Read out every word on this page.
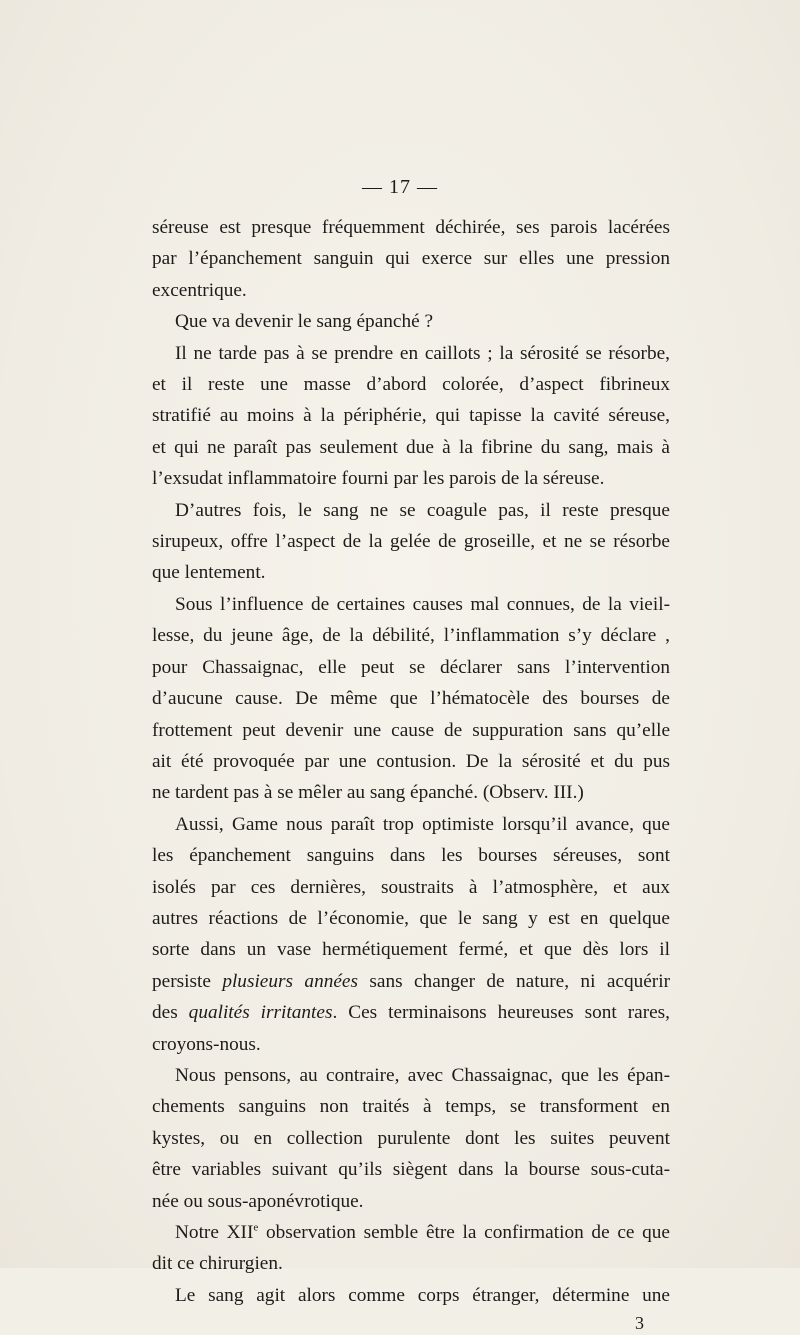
— 17 —
séreuse est presque fréquemment déchirée, ses parois lacérées
par l’épanchement sanguin qui exerce sur elles une pression
excentrique.
Que va devenir le sang épanché ?
Il ne tarde pas à se prendre en caillots ; la sérosité se résorbe,
et il reste une masse d’abord colorée, d’aspect fibrineux
stratifié au moins à la périphérie, qui tapisse la cavité séreuse,
et qui ne paraît pas seulement due à la fibrine du sang, mais à
l’exsudat inflammatoire fourni par les parois de la séreuse.
D’autres fois, le sang ne se coagule pas, il reste presque
sirupeux, offre l’aspect de la gelée de groseille, et ne se résorbe
que lentement.
Sous l’influence de certaines causes mal connues, de la vieil-
lesse, du jeune âge, de la débilité, l’inflammation s’y déclare ,
pour Chassaignac, elle peut se déclarer sans l’intervention
d’aucune cause. De même que l’hématocèle des bourses de
frottement peut devenir une cause de suppuration sans qu’elle
ait été provoquée par une contusion. De la sérosité et du pus
ne tardent pas à se mêler au sang épanché. (Observ. III.)
Aussi, Game nous paraît trop optimiste lorsqu’il avance, que
les épanchement sanguins dans les bourses séreuses, sont
isolés par ces dernières, soustraits à l’atmosphère, et aux
autres réactions de l’économie, que le sang y est en quelque
sorte dans un vase hermétiquement fermé, et que dès lors il
persiste plusieurs années sans changer de nature, ni acquérir
des qualités irritantes. Ces terminaisons heureuses sont rares,
croyons-nous.
Nous pensons, au contraire, avec Chassaignac, que les épan-
chements sanguins non traités à temps, se transforment en
kystes, ou en collection purulente dont les suites peuvent
être variables suivant qu’ils siègent dans la bourse sous-cuta-
née ou sous-aponévrotique.
Notre XIIe observation semble être la confirmation de ce que
dit ce chirurgien.
Le sang agit alors comme corps étranger, détermine une
3
